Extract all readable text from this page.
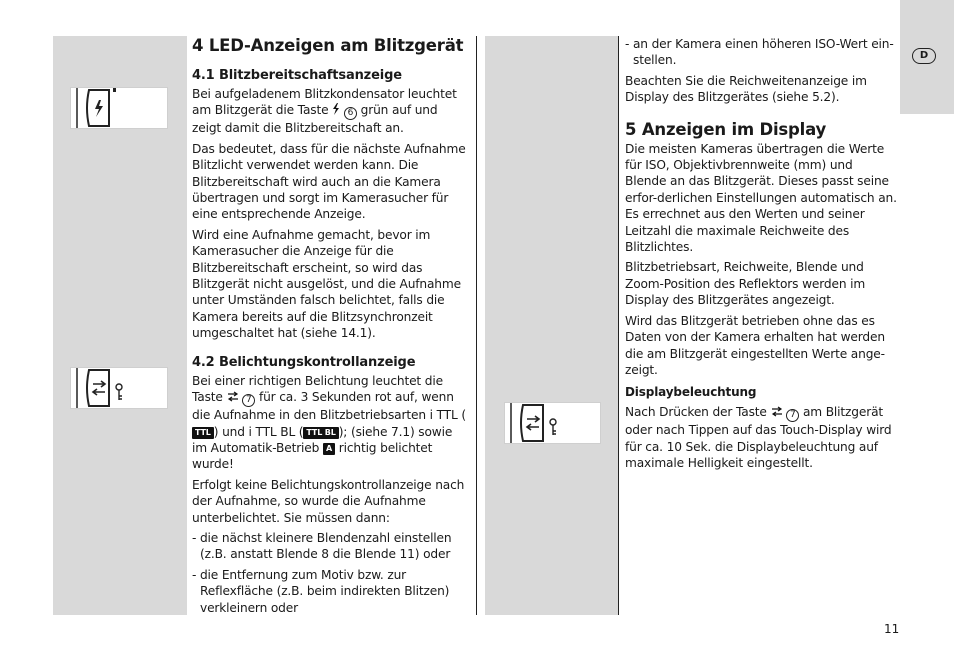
D
4 LED-Anzeigen am Blitzgerät
4.1 Blitzbereitschaftsanzeige

Bei aufgeladenem Blitzkondensator leuchtet am Blitzgerät die Taste  6 grün auf und zeigt damit die Blitzbereitschaft an.

Das bedeutet, dass für die nächste Aufnahme Blitzlicht verwendet werden kann. Die Blitzbereitschaft wird auch an die Kamera übertragen und sorgt im Kamerasucher für eine entsprechende Anzeige.

Wird eine Aufnahme gemacht, bevor im Kamerasucher die Anzeige für die Blitzbereitschaft erscheint, so wird das Blitzgerät nicht ausgelöst, und die Aufnahme unter Umständen falsch belichtet, falls die Kamera bereits auf die Blitzsynchronzeit umgeschaltet hat (siehe 14.1).

4.2 Belichtungskontrollanzeige

Bei einer richtigen Belichtung leuchtet die Taste  7 für ca. 3 Sekunden rot auf, wenn die Aufnahme in den Blitzbetriebsarten i TTL (TTL ) und i TTL BL ( TTL BL ); (siehe 7.1) sowie im Automatik-Betrieb A richtig belichtet wurde!

Erfolgt keine Belichtungskontrollanzeige nach der Aufnahme, so wurde die Aufnahme unterbelichtet. Sie müssen dann:

- die nächst kleinere Blendenzahl einstellen (z.B. anstatt Blende 8 die Blende 11) oder

- die Entfernung zum Motiv bzw. zur Reflexfläche (z.B. beim indirekten Blitzen) verkleinern oder

- an der Kamera einen höheren ISO-Wert ein-stellen.

Beachten Sie die Reichweitenanzeige im Display des Blitzgerätes (siehe 5.2).

5 Anzeigen im Display

Die meisten Kameras übertragen die Werte für ISO, Objektivbrennweite (mm) und Blende an das Blitzgerät. Dieses passt seine erfor-derlichen Einstellungen automatisch an. Es errechnet aus den Werten und seiner Leitzahl die maximale Reichweite des Blitzlichtes.

Blitzbetriebsart, Reichweite, Blende und Zoom-Position des Reflektors werden im Display des Blitzgerätes angezeigt.

Wird das Blitzgerät betrieben ohne das es Daten von der Kamera erhalten hat werden die am Blitzgerät eingestellten Werte ange-zeigt.

Displaybeleuchtung

Nach Drücken der Taste  7 am Blitzgerät oder nach Tippen auf das Touch-Display wird für ca. 10 Sek. die Displaybeleuchtung auf maximale Helligkeit eingestellt.

11
